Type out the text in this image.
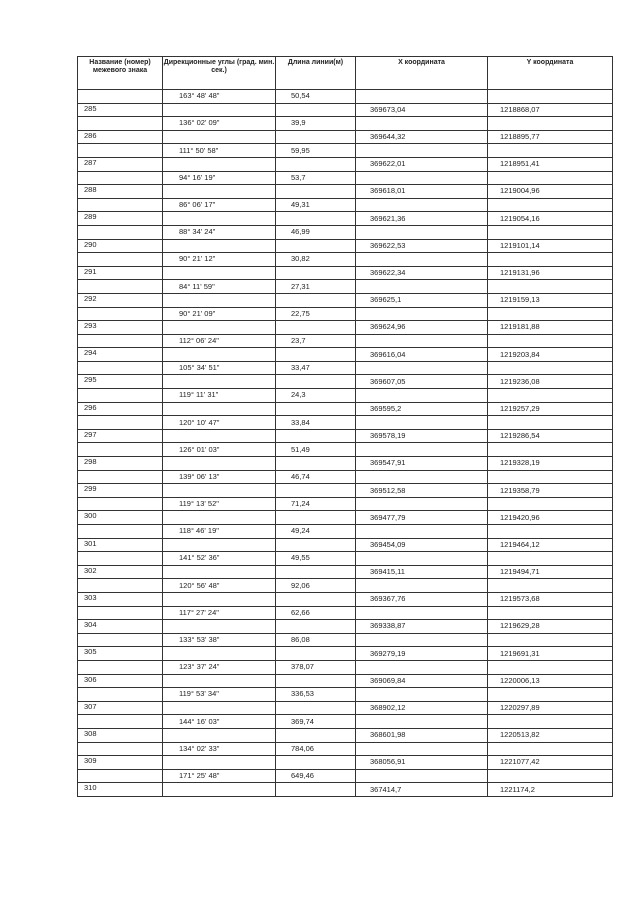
Название (номер) межевого знака	Дирекционные углы (град. мин. сек.)	Длина линии(м)	X координата	Y координата
	163° 48' 48"	50,54		
285			369673,04	1218868,07
	136° 02' 09"	39,9		
286			369644,32	1218895,77
	111° 50' 58"	59,95		
287			369622,01	1218951,41
	94° 16' 19"	53,7		
288			369618,01	1219004,96
	86° 06' 17"	49,31		
289			369621,36	1219054,16
	88° 34' 24"	46,99		
290			369622,53	1219101,14
	90° 21' 12"	30,82		
291			369622,34	1219131,96
	84° 11' 59"	27,31		
292			369625,1	1219159,13
	90° 21' 09"	22,75		
293			369624,96	1219181,88
	112° 06' 24"	23,7		
294			369616,04	1219203,84
	105° 34' 51"	33,47		
295			369607,05	1219236,08
	119° 11' 31"	24,3		
296			369595,2	1219257,29
	120° 10' 47"	33,84		
297			369578,19	1219286,54
	126° 01' 03"	51,49		
298			369547,91	1219328,19
	139° 06' 13"	46,74		
299			369512,58	1219358,79
	119° 13' 52"	71,24		
300			369477,79	1219420,96
	118° 46' 19"	49,24		
301			369454,09	1219464,12
	141° 52' 36"	49,55		
302			369415,11	1219494,71
	120° 56' 48"	92,06		
303			369367,76	1219573,68
	117° 27' 24"	62,66		
304			369338,87	1219629,28
	133° 53' 38"	86,08		
305			369279,19	1219691,31
	123° 37' 24"	378,07		
306			369069,84	1220006,13
	119° 53' 34"	336,53		
307			368902,12	1220297,89
	144° 16' 03"	369,74		
308			368601,98	1220513,82
	134° 02' 33"	784,06		
309			368056,91	1221077,42
	171° 25' 48"	649,46		
310			367414,7	1221174,2
